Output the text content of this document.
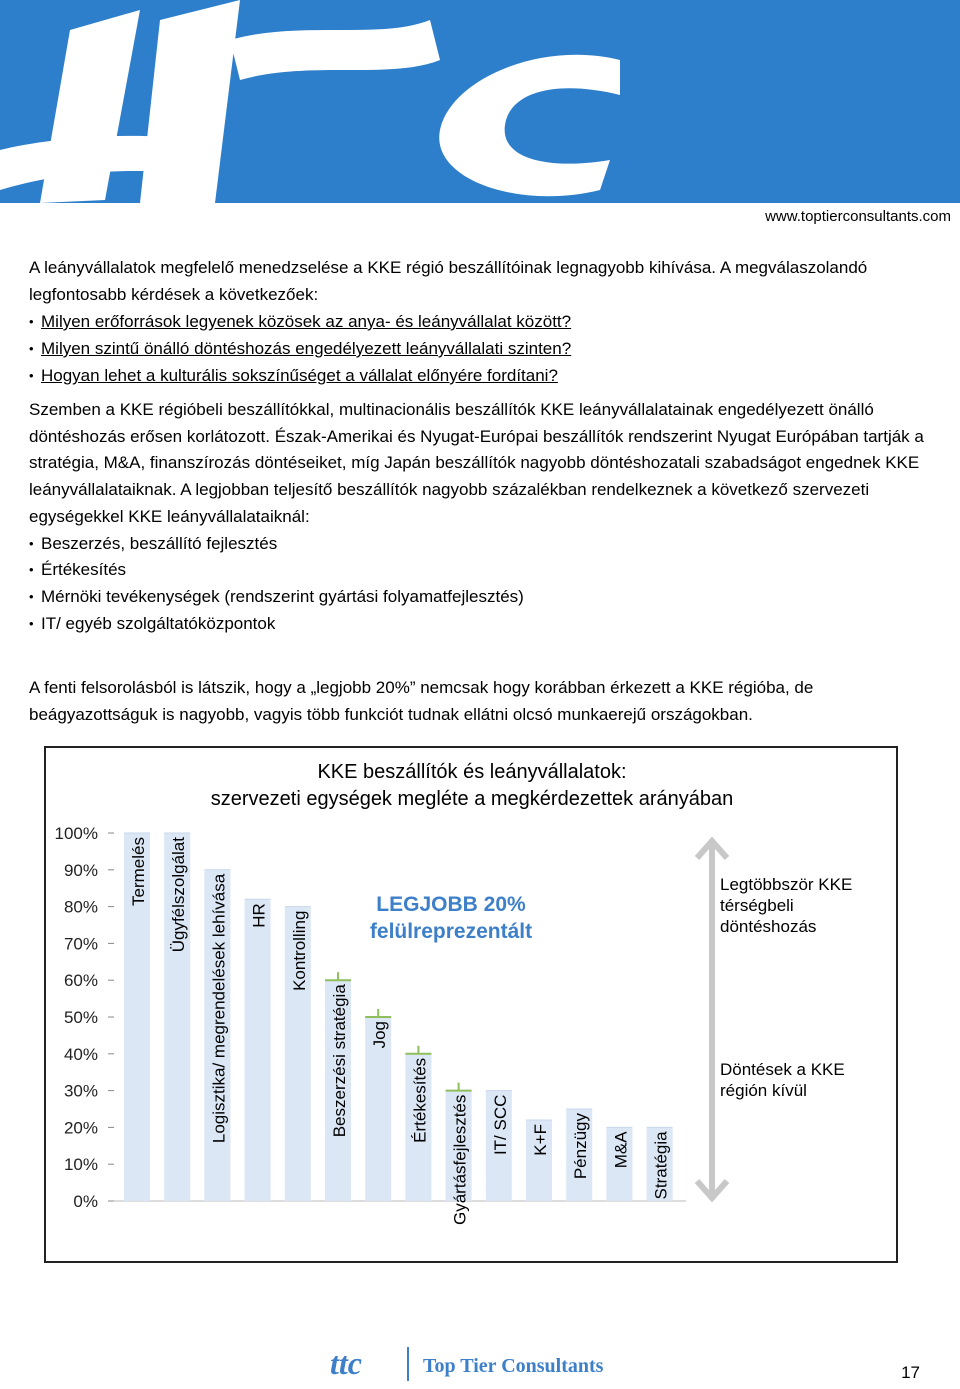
www.toptierconsultants.com

A leányvállalatok megfelelő menedzselése a KKE régió beszállítóinak legnagyobb kihívása. A megválaszolandó legfontosabb kérdések a következőek:

• Milyen erőforrások legyenek közösek az anya- és leányvállalat között?
• Milyen szintű önálló döntéshozás engedélyezett leányvállalati szinten?
• Hogyan lehet a kulturális sokszínűséget a vállalat előnyére fordítani?

Szemben a KKE régióbeli beszállítókkal, multinacionális beszállítók KKE leányvállalatainak engedélyezett önálló döntéshozás erősen korlátozott. Észak-Amerikai és Nyugat-Európai beszállítók rendszerint Nyugat Európában tartják a stratégia, M&A, finanszírozás döntéseiket, míg Japán beszállítók nagyobb döntéshozatali szabadságot engednek KKE leányvállalataiknak. A legjobban teljesítő beszállítók nagyobb százalékban rendelkeznek a következő szervezeti egységekkel KKE leányvállalataiknál:

• Beszerzés, beszállító fejlesztés
• Értékesítés
• Mérnöki tevékenységek (rendszerint gyártási folyamatfejlesztés)
• IT/ egyéb szolgáltatóközpontok

A fenti felsorolásból is látszik, hogy a „legjobb 20%” nemcsak hogy korábban érkezett a KKE régióba, de beágyazottságuk is nagyobb, vagyis több funkciót tudnak ellátni olcsó munkaerejű országokban.

KKE beszállítók és leányvállalatok:
szervezeti egységek megléte a megkérdezettek arányában
100%
90%
80%
70%
60%
50%
40%
30%
20%
10%
0%
Termelés Ügyfélszolgálat Logisztika/ megrendelések lehívása HR Kontrolling
Beszerzési stratégia Jog
Értékesítés Gyártásfejlesztés IT/ SCC K+F Pénzügy M&A Stratégia
LEGJOBB 20%
felülreprezentált
Legtöbbször KKE
térségbeli
döntéshozás
Döntések a KKE
régión kívül
ttc	Top Tier Consultants	17
